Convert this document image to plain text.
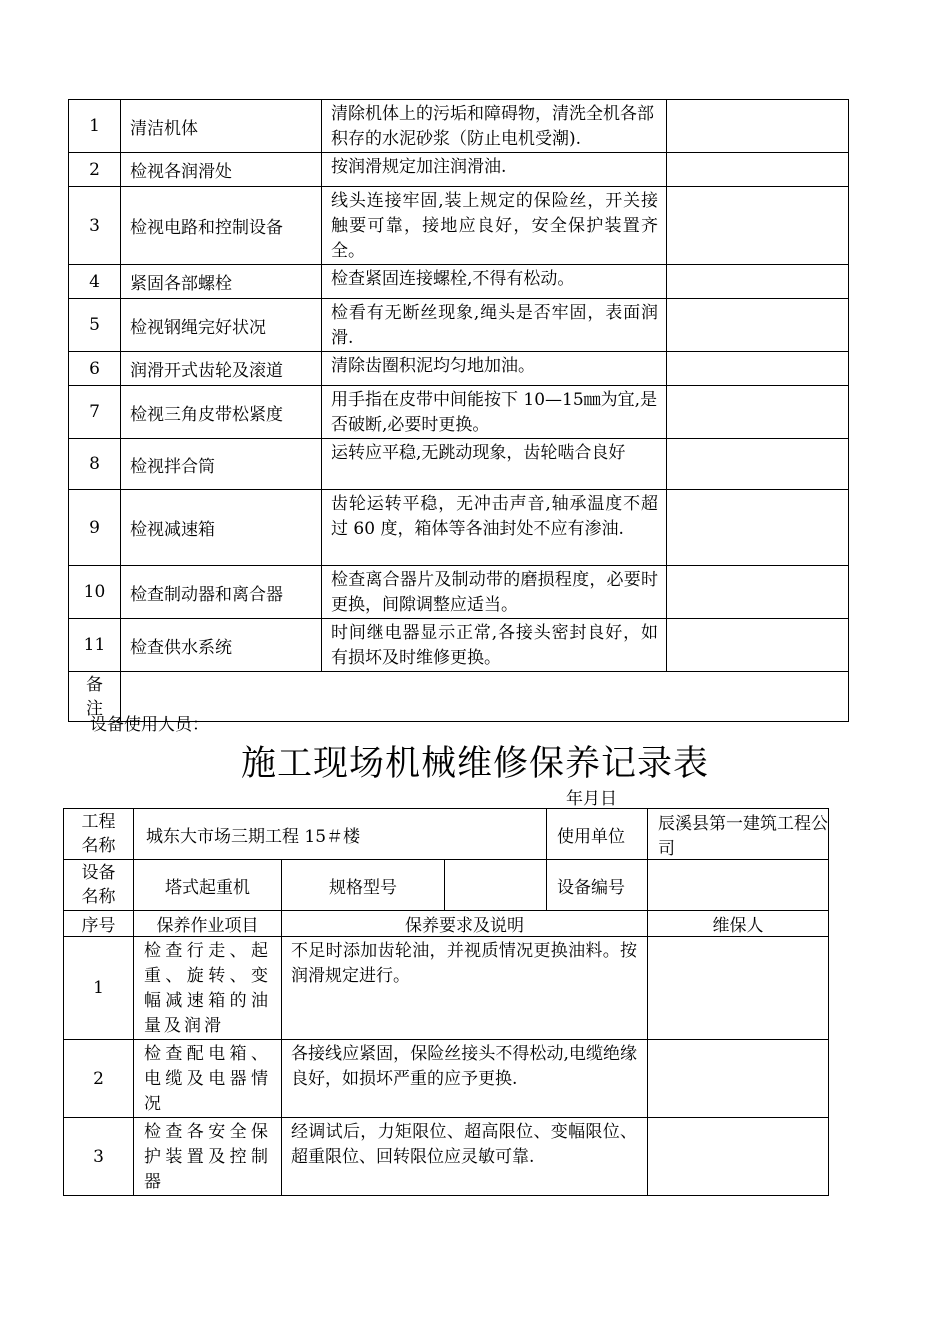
1	清洁机体	清除机体上的污垢和障碍物，清洗全机各部积存的水泥砂浆（防止电机受潮).	
2	检视各润滑处	按润滑规定加注润滑油.	
3	检视电路和控制设备	线头连接牢固,装上规定的保险丝，开关接触要可靠，接地应良好，安全保护装置齐全。	
4	紧固各部螺栓	检查紧固连接螺栓,不得有松动。	
5	检视钢绳完好状况	检看有无断丝现象,绳头是否牢固，表面润滑.	
6	润滑开式齿轮及滚道	清除齿圈积泥均匀地加油。	
7	检视三角皮带松紧度	用手指在皮带中间能按下 10—15㎜为宜,是否破断,必要时更换。	
8	检视拌合筒	运转应平稳,无跳动现象，齿轮啮合良好	
9	检视减速箱	齿轮运转平稳，无冲击声音,轴承温度不超过 60 度，箱体等各油封处不应有渗油.	
10	检查制动器和离合器	检查离合器片及制动带的磨损程度，必要时更换，间隙调整应适当。	
11	检查供水系统	时间继电器显示正常,各接头密封良好，如有损坏及时维修更换。	
备注			
设备使用人员：
施工现场机械维修保养记录表
年月日
工程名称	城东大市场三期工程 15＃楼			使用单位	辰溪县第一建筑工程公司
设备名称	塔式起重机	规格型号		设备编号	
序号	保养作业项目	保养要求及说明			维保人
1	检查行走、起重、旋转、变幅减速箱的油量及润滑	不足时添加齿轮油，并视质情况更换油料。按润滑规定进行。			
2	检查配电箱、电缆及电器情况	各接线应紧固，保险丝接头不得松动,电缆绝缘良好，如损坏严重的应予更换.			
3	检查各安全保护装置及控制器	经调试后，力矩限位、超高限位、变幅限位、超重限位、回转限位应灵敏可靠.			
